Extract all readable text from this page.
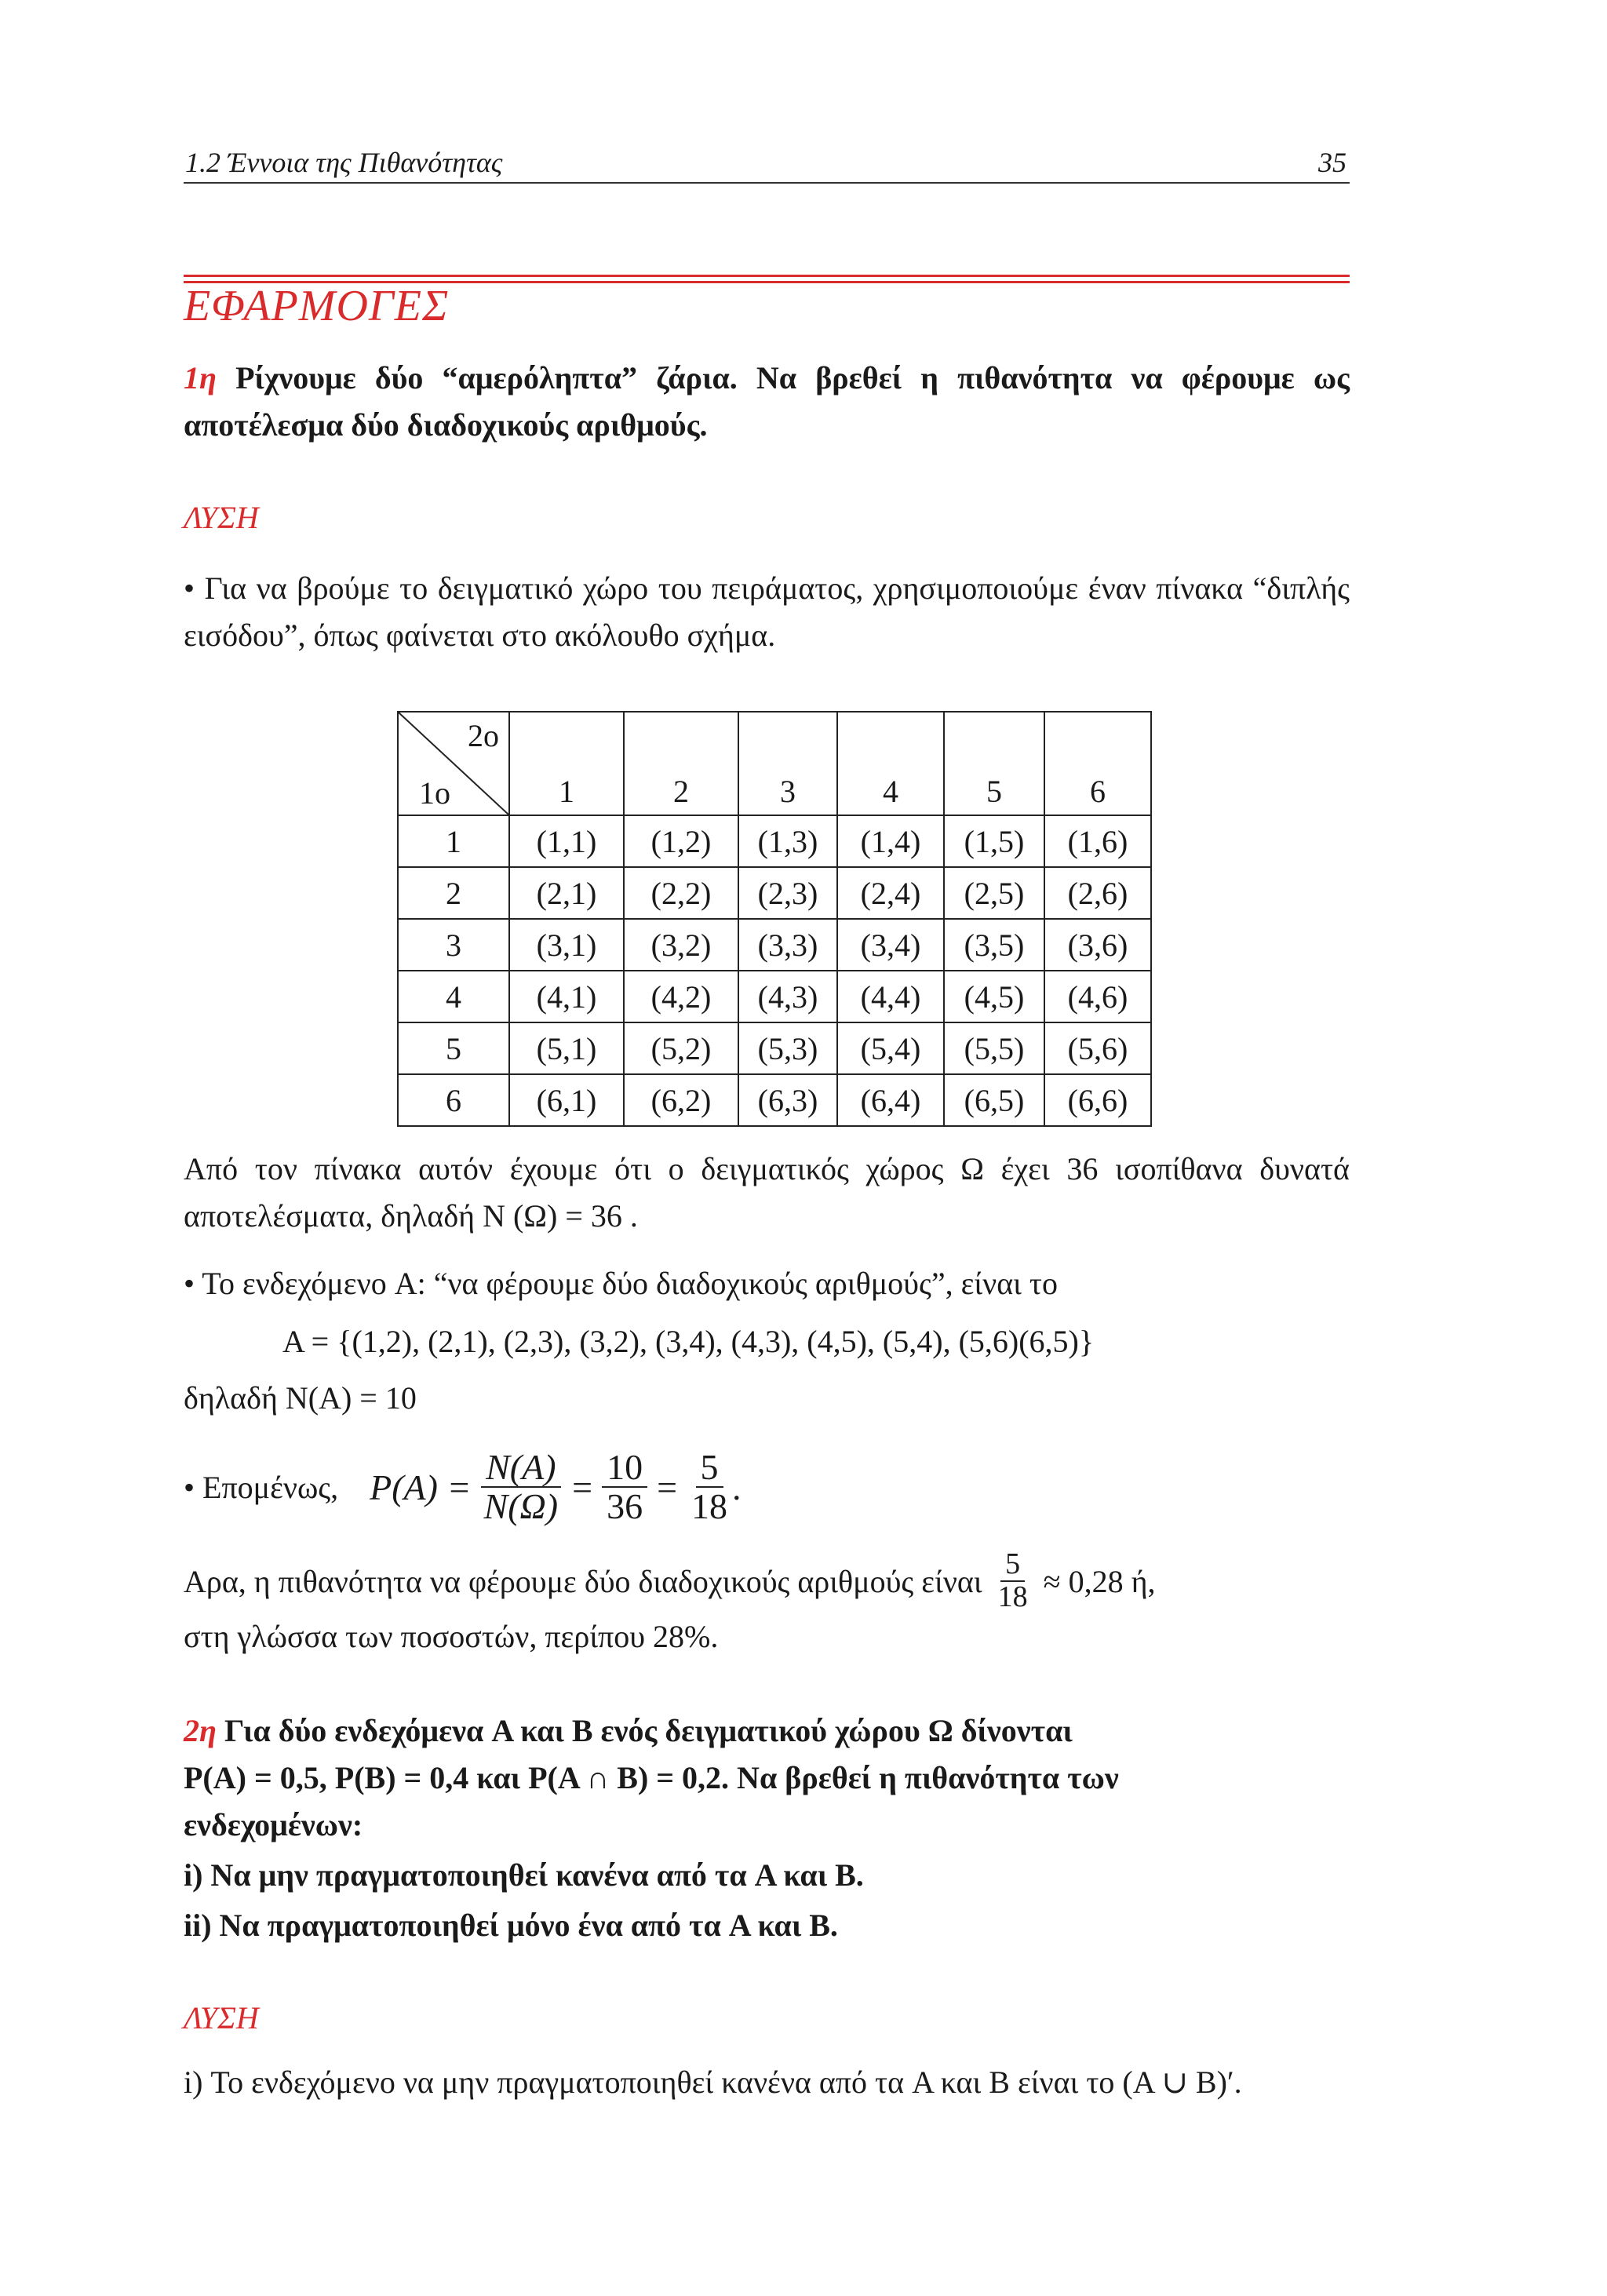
1.2 Έννοια της Πιθανότητας	35
ΕΦΑΡΜΟΓΕΣ
1η Ρίχνουμε δύο “αμερόληπτα” ζάρια. Να βρεθεί η πιθανότητα να φέρουμε ως αποτέλεσμα δύο διαδοχικούς αριθμούς.
ΛΥΣΗ
• Για να βρούμε το δειγματικό χώρο του πειράματος, χρησιμοποιούμε έναν πίνακα “διπλής εισόδου”, όπως φαίνεται στο ακόλουθο σχήμα.
2ο
1ο	1	2	3	4	5	6
1	(1,1)	(1,2)	(1,3)	(1,4)	(1,5)	(1,6)
2	(2,1)	(2,2)	(2,3)	(2,4)	(2,5)	(2,6)
3	(3,1)	(3,2)	(3,3)	(3,4)	(3,5)	(3,6)
4	(4,1)	(4,2)	(4,3)	(4,4)	(4,5)	(4,6)
5	(5,1)	(5,2)	(5,3)	(5,4)	(5,5)	(5,6)
6	(6,1)	(6,2)	(6,3)	(6,4)	(6,5)	(6,6)
Από τον πίνακα αυτόν έχουμε ότι ο δειγματικός χώρος Ω έχει 36 ισοπίθανα δυνατά αποτελέσματα, δηλαδή N (Ω) = 36 .
• Το ενδεχόμενο A: “να φέρουμε δύο διαδοχικούς αριθμούς”, είναι το
A = {(1,2), (2,1), (2,3), (3,2), (3,4), (4,3), (4,5), (5,4), (5,6)(6,5)}
δηλαδή N(A) = 10
• Επομένως, $P(A) = \frac{N(A)}{N(\Omega)} = \frac{10}{36} = \frac{5}{18}$ .
Αρα, η πιθανότητα να φέρουμε δύο διαδοχικούς αριθμούς είναι $\frac{5}{18} \approx 0,28$ ή,
στη γλώσσα των ποσοστών, περίπου 28%.
2η Για δύο ενδεχόμενα A και B ενός δειγματικού χώρου Ω δίνονται
P(A) = 0,5, P(B) = 0,4 και P(A ∩ B) = 0,2. Να βρεθεί η πιθανότητα των
ενδεχομένων:
i) Να μην πραγματοποιηθεί κανένα από τα A και B.
ii) Να πραγματοποιηθεί μόνο ένα από τα A και B.
ΛΥΣΗ
i) Το ενδεχόμενο να μην πραγματοποιηθεί κανένα από τα A και B είναι το (A ∪ B)′.
